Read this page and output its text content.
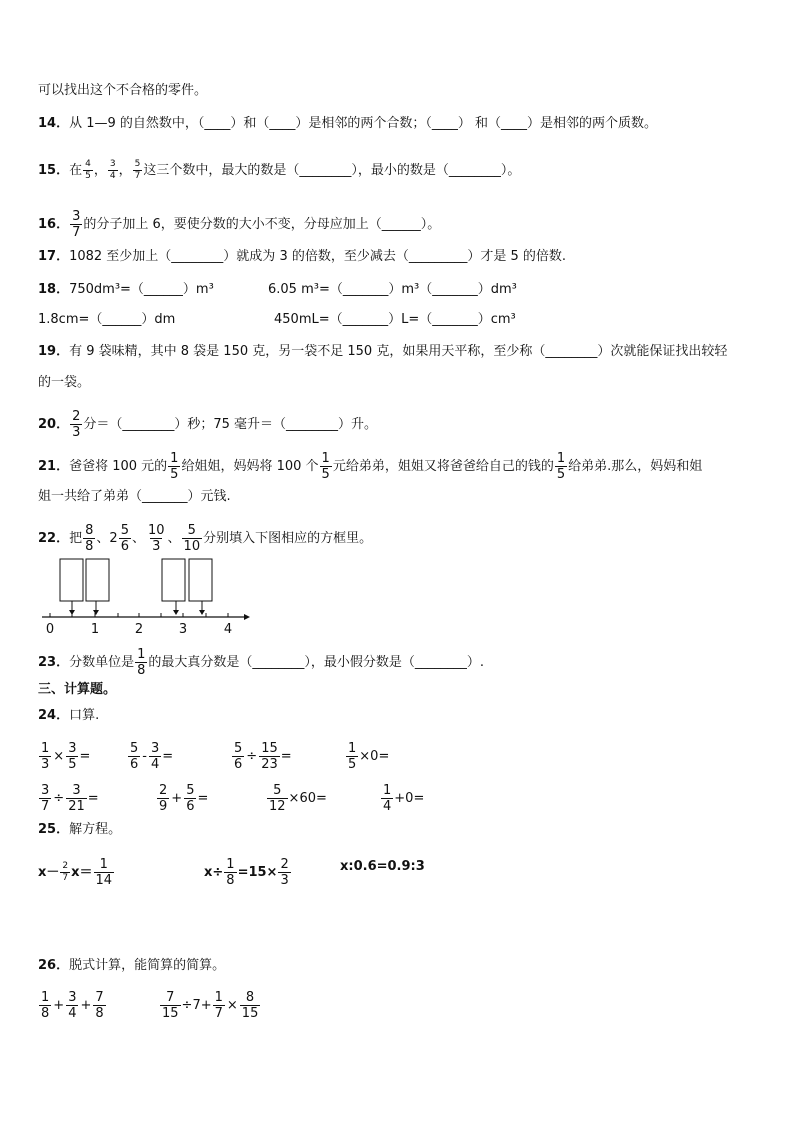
可以找出这个不合格的零件。
14．从 1—9 的自然数中，（____）和（____）是相邻的两个合数；（____） 和（____）是相邻的两个质数。
15．在 $\frac{4}{5}$ ， $\frac{3}{4}$ ， $\frac{5}{7}$ 这三个数中，最大的数是（________），最小的数是（________）。
16． $\frac{3}{7}$ 的分子加上 6，要使分数的大小不变，分母应加上（______）。
17．1082 至少加上（________）就成为 3 的倍数，至少减去（_________）才是 5 的倍数.
18．750dm³=（______）m³	6.05 m³=（_______）m³（_______）dm³
1.8cm=（______）dm	450mL=（_______）L=（_______）cm³
19．有 9 袋味精，其中 8 袋是 150 克，另一袋不足 150 克，如果用天平称，至少称（________）次就能保证找出较轻
的一袋。
20． $\frac{2}{3}$ 分＝（________）秒；75 毫升＝（________）升。
21．爸爸将 100 元的 $\frac{1}{5}$ 给姐姐，妈妈将 100 个 $\frac{1}{5}$ 元给弟弟，姐姐又将爸爸给自己的钱的 $\frac{1}{5}$ 给弟弟.那么，妈妈和姐
姐一共给了弟弟（_______）元钱.
22．把 $\frac{8}{8}$ 、 $2 \frac{5}{6}$ 、 $\frac{10}{3}$ 、 $\frac{5}{10}$ 分别填入下图相应的方框里。
0	1	2	3	4
23．分数单位是 $\frac{1}{8}$ 的最大真分数是（________），最小假分数是（________）.
三、计算题。
24．口算.
$\frac{1}{3} \times \frac{3}{5}$ =	$\frac{5}{6} - \frac{3}{4}$ =	$\frac{5}{6} \div \frac{15}{23}$ =	$\frac{1}{5} \times 0=$
$\frac{3}{7} \div \frac{3}{21}$ =	$\frac{2}{9} + \frac{5}{6}$ =	$\frac{5}{12} \times 60=$	$\frac{1}{4} +0=$
25．解方程。
$x- \frac{2}{7} x= \frac{1}{14}$	$x\div \frac{1}{8} =15\times \frac{2}{3}$	x:0.6=0.9:3
26．脱式计算，能简算的简算。
$\frac{1}{8} + \frac{3}{4} + \frac{7}{8}$	$\frac{7}{15} \div 7+ \frac{1}{7} \times \frac{8}{15}$
